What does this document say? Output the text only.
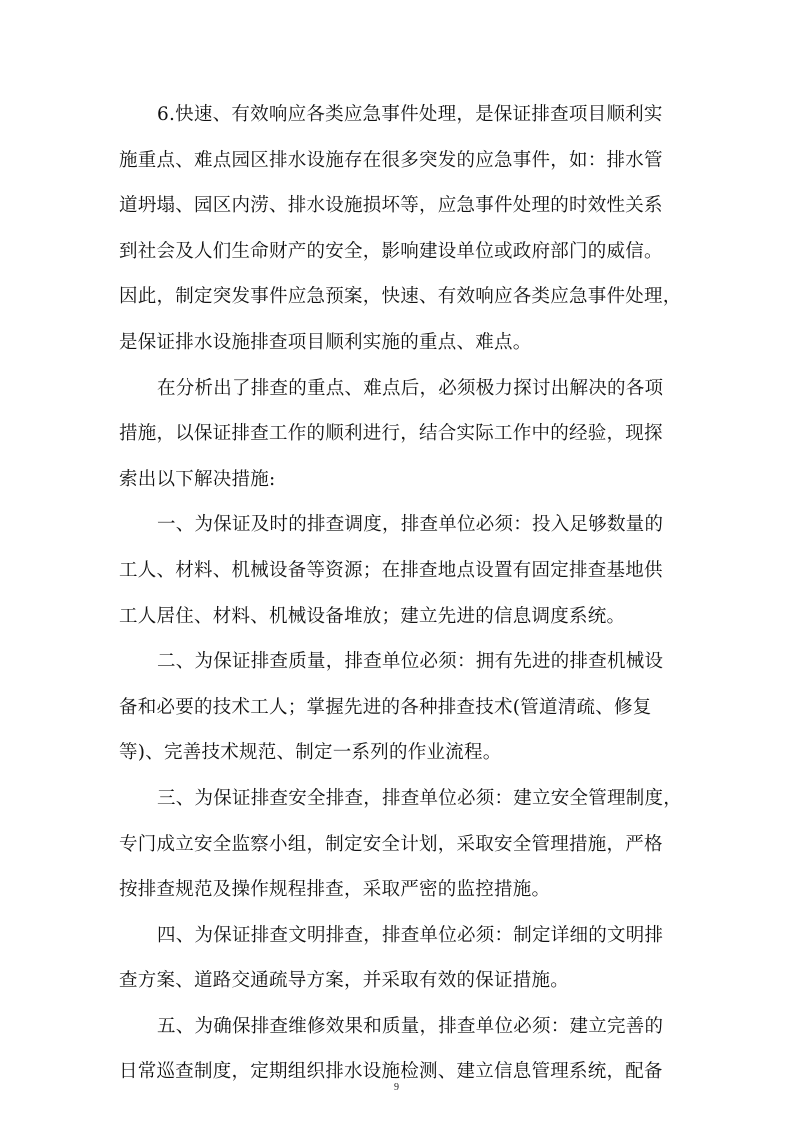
6.快速、有效响应各类应急事件处理，是保证排查项目顺利实
施重点、难点园区排水设施存在很多突发的应急事件，如：排水管
道坍塌、园区内涝、排水设施损坏等，应急事件处理的时效性关系
到社会及人们生命财产的安全，影响建设单位或政府部门的威信。
因此，制定突发事件应急预案，快速、有效响应各类应急事件处理，
是保证排水设施排查项目顺利实施的重点、难点。
在分析出了排查的重点、难点后，必须极力探讨出解决的各项
措施，以保证排查工作的顺利进行，结合实际工作中的经验，现探
索出以下解决措施:
一、为保证及时的排查调度，排查单位必须：投入足够数量的
工人、材料、机械设备等资源；在排查地点设置有固定排查基地供
工人居住、材料、机械设备堆放；建立先进的信息调度系统。
二、为保证排查质量，排查单位必须：拥有先进的排查机械设
备和必要的技术工人；掌握先进的各种排查技术(管道清疏、修复
等)、完善技术规范、制定一系列的作业流程。
三、为保证排查安全排查，排查单位必须：建立安全管理制度，
专门成立安全监察小组，制定安全计划，采取安全管理措施，严格
按排查规范及操作规程排查，采取严密的监控措施。
四、为保证排查文明排查，排查单位必须：制定详细的文明排
查方案、道路交通疏导方案，并采取有效的保证措施。
五、为确保排查维修效果和质量，排查单位必须：建立完善的
日常巡查制度，定期组织排水设施检测、建立信息管理系统，配备
9
